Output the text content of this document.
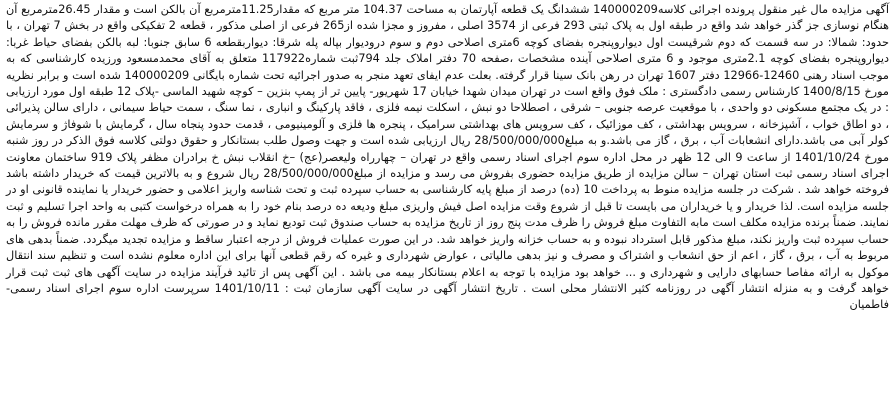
آگهی مزایده مال غیر منقول پرونده اجرائی کلاسه140000209 ششدانگ یک قطعه آپارتمان به مساحت 104.37 متر مربع که مقدار11.25مترمربع آن بالکن است و مقدار 26.45مترمربع آن هنگام نوسازی جز گذر خواهد شد واقع در طبقه اول به پلاک ثبتی 293 فرعی از 3574 اصلی ، مفروز و مجزا شده از265 فرعی از اصلی مذکور ، قطعه 2 تفکیکی واقع در بخش 7 تهران ، با حدود: شمالا: در سه قسمت که دوم شرقیست اول دیواروپنجره بفضای کوچه 6متری اصلاحی دوم و سوم درودیوار بپاله پله شرقا: دیواربقطعه 6 سابق جنوبا: لبه بالکن بفضای حیاط غربا: دیواروپنجره بفضای کوچه 2.1متری موجود و 6 متری اصلاحی آینده مشخصات ،صفحه 70 دفتر املاک جلد 794ثبت شماره117922 متعلق به آقای محمدمسعود ورزیده کارشناسی که به موجب اسناد رهنی 12460-12966 دفتر 1607 تهران در رهن بانک سینا قرار گرفته. بعلت عدم ایفای تعهد منجر به صدور اجرائیه تحت شماره بایگانی 140000209 شده است و برابر نظریه مورخ 1400/8/15 کارشناس رسمی دادگستری : ملک فوق واقع است در تهران میدان شهدا خیابان 17 شهریور- پایین تر از پمپ بنزین – کوچه شهید الماسی -پلاک 12 طبقه اول مورد ارزیابی : در یک مجتمع مسکونی دو واحدی ، با موقعیت عرصه جنوبی – شرقی ، اصطلاحا دو نبش ، اسکلت نیمه فلزی ، فاقد پارکینگ و انباری ، نما سنگ ، سمت حیاط سیمانی ، دارای سالن پذیرائی ، دو اطاق خواب ، آشپزخانه ، سرویس بهداشتی ، کف موزائیک ، کف سرویس های بهداشتی سرامیک ، پنجره ها فلزی و آلومینیومی ، قدمت حدود پنجاه سال ، گرمایش با شوفاژ و سرمایش کولر آبی می باشد.دارای انشعابات آب ، برق ، گاز می باشد.و به مبلغ28/500/000/000 ریال ارزیابی شده است و جهت وصول طلب بستانکار و حقوق دولتی کلاسه فوق الذکر در روز شنبه مورخ 1401/10/24 از ساعت 9 الی 12 ظهر در محل اداره سوم اجرای اسناد رسمی واقع در تهران – چهارراه ولیعصر(عج) –خ انقلاب نبش خ برادران مظفر پلاک 919 ساختمان معاونت اجرای اسناد رسمی ثبت استان تهران – سالن مزایده از طریق مزایده حضوری بفروش می رسد و مزایده از مبلغ28/500/000/000 ریال شروع و به بالاترین قیمت که خریدار داشته باشد فروخته خواهد شد . شرکت در جلسه مزایده منوط به پرداخت 10 (ده) درصد از مبلغ پایه کارشناسی به حساب سپرده ثبت و تحت شناسه واریز اعلامی و حضور خریدار یا نماینده قانونی او در جلسه مزایده است. لذا خریدار و یا خریداران می بایست تا قبل از شروع وقت مزایده اصل فیش واریزی مبلغ ودیعه ده درصد بنام خود را به همراه درخواست کتبی به واحد اجرا تسلیم و ثبت نمایند. ضمناً برنده مزایده مکلف است مابه التفاوت مبلغ فروش را ظرف مدت پنج روز از تاریخ مزایده به حساب صندوق ثبت تودیع نماید و در صورتی که ظرف مهلت مقرر مانده فروش را به حساب سپرده ثبت واریز نکند، مبلغ مذکور قابل استرداد نبوده و به حساب خزانه واریز خواهد شد. در این صورت عملیات فروش از درجه اعتبار ساقط و مزایده تجدید میگردد. ضمناً بدهی های مربوط به آب ، برق ، گاز ، اعم از حق انشعاب و اشتراک و مصرف و نیز بدهی مالیاتی ، عوارض شهرداری و غیره که رقم قطعی آنها برای این اداره معلوم نشده است و تنظیم سند انتقال موکول به ارائه مفاصا حسابهای دارایی و شهرداری و ... خواهد بود مزایده با توجه به اعلام بستانکار بیمه می باشد . این آگهی پس از تائید فرآیند مزایده در سایت آگهی های ثبت ثبت قرار خواهد گرفت و به منزله انتشار آگهی در روزنامه کثیر الانتشار محلی است . تاریخ انتشار آگهی در سایت آگهی سازمان ثبت : 1401/10/11 سرپرست اداره سوم اجرای اسناد رسمی- فاطمیان
